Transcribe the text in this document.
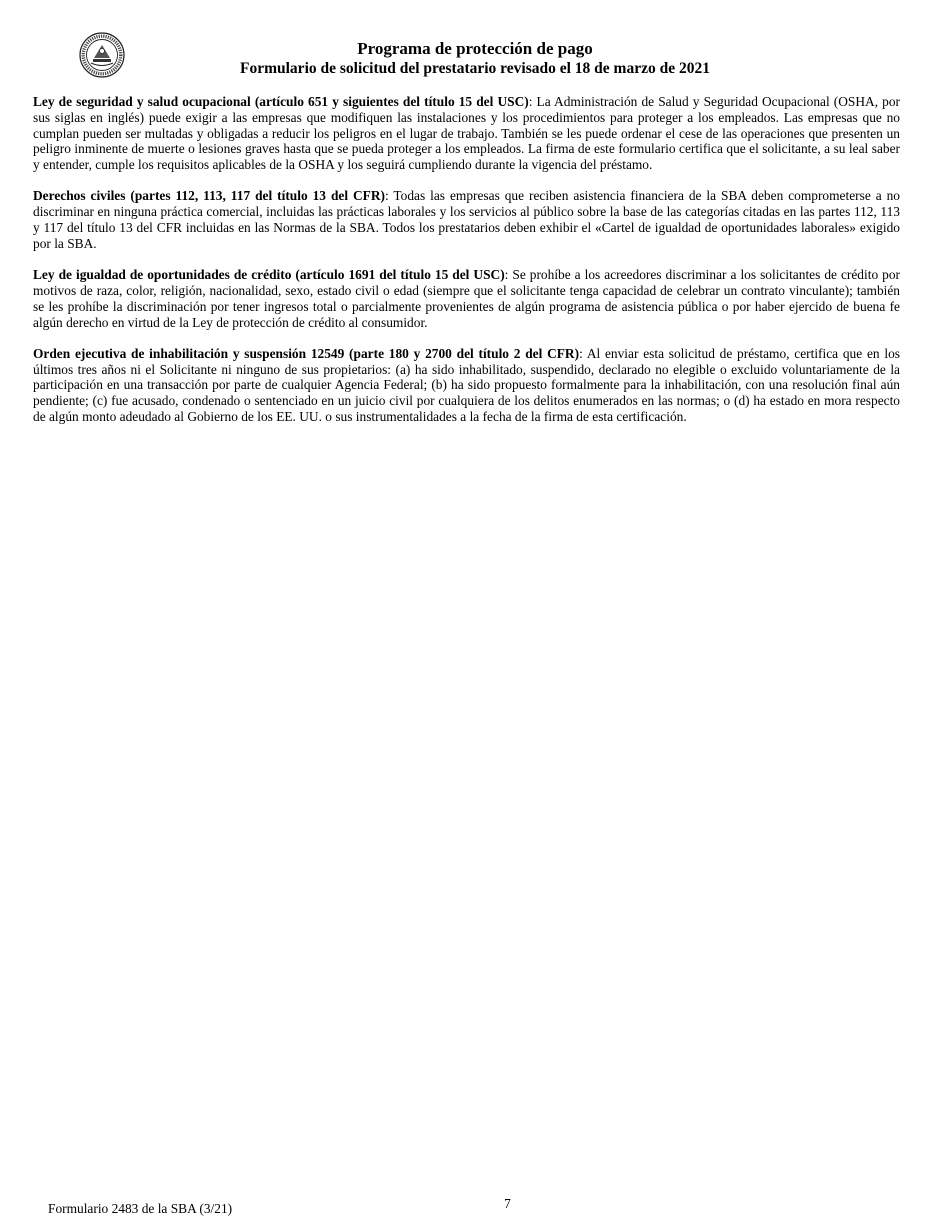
Programa de protección de pago
Formulario de solicitud del prestatario revisado el 18 de marzo de 2021

Ley de seguridad y salud ocupacional (artículo 651 y siguientes del título 15 del USC): La Administración de Salud y Seguridad Ocupacional (OSHA, por sus siglas en inglés) puede exigir a las empresas que modifiquen las instalaciones y los procedimientos para proteger a los empleados. Las empresas que no cumplan pueden ser multadas y obligadas a reducir los peligros en el lugar de trabajo. También se les puede ordenar el cese de las operaciones que presenten un peligro inminente de muerte o lesiones graves hasta que se pueda proteger a los empleados. La firma de este formulario certifica que el solicitante, a su leal saber y entender, cumple los requisitos aplicables de la OSHA y los seguirá cumpliendo durante la vigencia del préstamo.

Derechos civiles (partes 112, 113, 117 del título 13 del CFR): Todas las empresas que reciben asistencia financiera de la SBA deben comprometerse a no discriminar en ninguna práctica comercial, incluidas las prácticas laborales y los servicios al público sobre la base de las categorías citadas en las partes 112, 113 y 117 del título 13 del CFR incluidas en las Normas de la SBA. Todos los prestatarios deben exhibir el «Cartel de igualdad de oportunidades laborales» exigido por la SBA.

Ley de igualdad de oportunidades de crédito (artículo 1691 del título 15 del USC): Se prohíbe a los acreedores discriminar a los solicitantes de crédito por motivos de raza, color, religión, nacionalidad, sexo, estado civil o edad (siempre que el solicitante tenga capacidad de celebrar un contrato vinculante); también se les prohíbe la discriminación por tener ingresos total o parcialmente provenientes de algún programa de asistencia pública o por haber ejercido de buena fe algún derecho en virtud de la Ley de protección de crédito al consumidor.

Orden ejecutiva de inhabilitación y suspensión 12549 (parte 180 y 2700 del título 2 del CFR): Al enviar esta solicitud de préstamo, certifica que en los últimos tres años ni el Solicitante ni ninguno de sus propietarios: (a) ha sido inhabilitado, suspendido, declarado no elegible o excluido voluntariamente de la participación en una transacción por parte de cualquier Agencia Federal; (b) ha sido propuesto formalmente para la inhabilitación, con una resolución final aún pendiente; (c) fue acusado, condenado o sentenciado en un juicio civil por cualquiera de los delitos enumerados en las normas; o (d) ha estado en mora respecto de algún monto adeudado al Gobierno de los EE. UU. o sus instrumentalidades a la fecha de la firma de esta certificación.

Formulario 2483 de la SBA (3/21)	7
